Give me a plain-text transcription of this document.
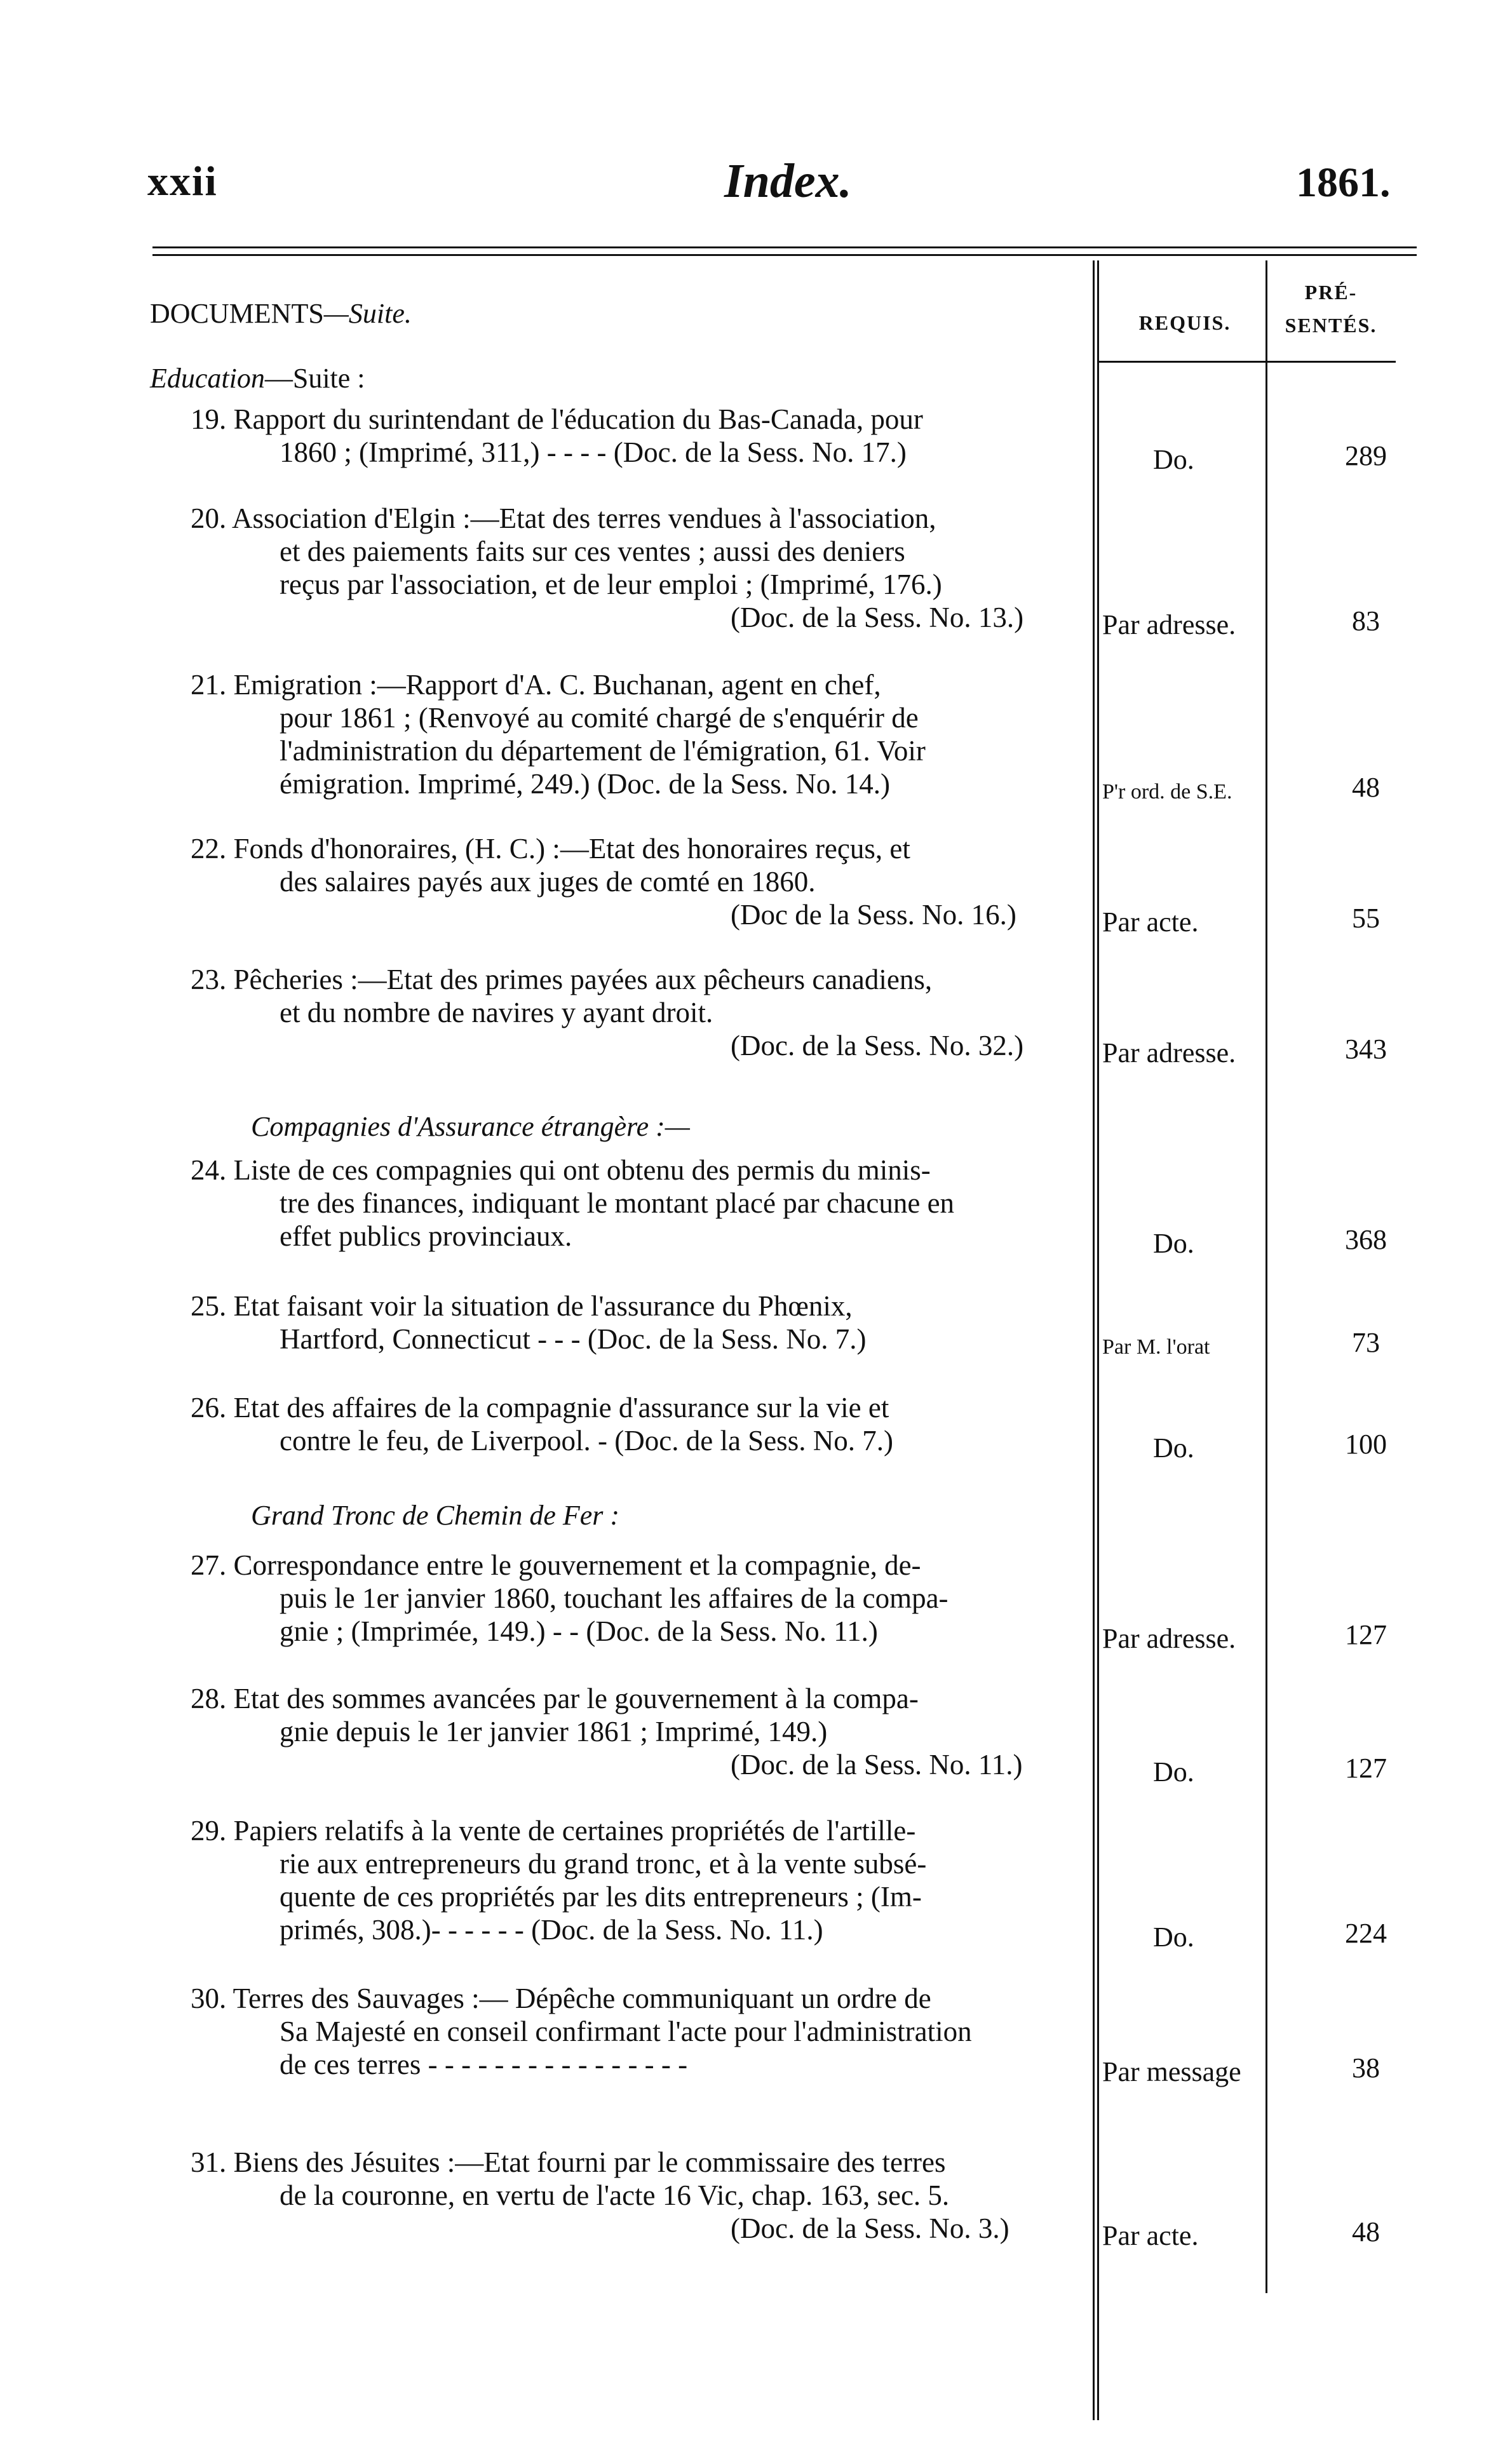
xxii	Index.	1861.
REQUIS.
PRÉ-
SENTÉS.
DOCUMENTS—Suite.
Education—Suite :
Compagnies d'Assurance étrangère :—
Grand Tronc de Chemin de Fer :
19. Rapport du surintendant de l'éducation du Bas-Canada, pour
1860 ; (Imprimé, 311,) - - - - (Doc. de la Sess. No. 17.)	Do.	289
20. Association d'Elgin :—Etat des terres vendues à l'association,
et des paiements faits sur ces ventes ; aussi des deniers
reçus par l'association, et de leur emploi ; (Imprimé, 176.)
(Doc. de la Sess. No. 13.)	Par adresse.	83
21. Emigration :—Rapport d'A. C. Buchanan, agent en chef,
pour 1861 ; (Renvoyé au comité chargé de s'enquérir de
l'administration du département de l'émigration, 61. Voir
émigration. Imprimé, 249.) (Doc. de la Sess. No. 14.)	P'r ord. de S.E.	48
22. Fonds d'honoraires, (H. C.) :—Etat des honoraires reçus, et
des salaires payés aux juges de comté en 1860.
(Doc de la Sess. No. 16.)	Par acte.	55
23. Pêcheries :—Etat des primes payées aux pêcheurs canadiens,
et du nombre de navires y ayant droit.
(Doc. de la Sess. No. 32.)	Par adresse.	343
24. Liste de ces compagnies qui ont obtenu des permis du minis-
tre des finances, indiquant le montant placé par chacune en
effet publics provinciaux.	Do.	368
25. Etat faisant voir la situation de l'assurance du Phœnix,
Hartford, Connecticut - - - (Doc. de la Sess. No. 7.)	Par M. l'orat	73
26. Etat des affaires de la compagnie d'assurance sur la vie et
contre le feu, de Liverpool. - (Doc. de la Sess. No. 7.)	Do.	100
27. Correspondance entre le gouvernement et la compagnie, de-
puis le 1er janvier 1860, touchant les affaires de la compa-
gnie ; (Imprimée, 149.) - - (Doc. de la Sess. No. 11.)	Par adresse.	127
28. Etat des sommes avancées par le gouvernement à la compa-
gnie depuis le 1er janvier 1861 ; Imprimé, 149.)
(Doc. de la Sess. No. 11.)	Do.	127
29. Papiers relatifs à la vente de certaines propriétés de l'artille-
rie aux entrepreneurs du grand tronc, et à la vente subsé-
quente de ces propriétés par les dits entrepreneurs ; (Im-
primés, 308.)- - - - - - (Doc. de la Sess. No. 11.)	Do.	224
30. Terres des Sauvages :— Dépêche communiquant un ordre de
Sa Majesté en conseil confirmant l'acte pour l'administration
de ces terres - - - - - - - - - - - - - - - -	Par message	38
31. Biens des Jésuites :—Etat fourni par le commissaire des terres
de la couronne, en vertu de l'acte 16 Vic, chap. 163, sec. 5.
(Doc. de la Sess. No. 3.)	Par acte.	48
